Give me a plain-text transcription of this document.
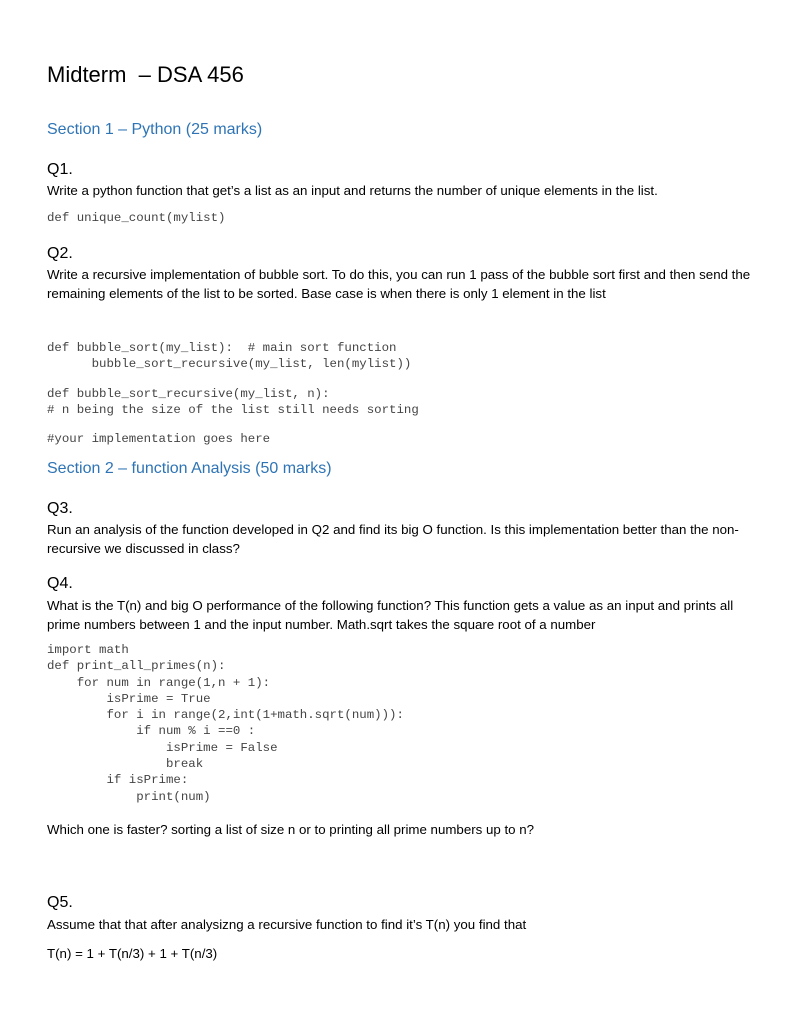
Midterm  – DSA 456
Section 1 – Python (25 marks)
Q1.
Write a python function that get’s a list as an input and returns the number of unique elements in the list.
def unique_count(mylist)
Q2.
Write a recursive implementation of bubble sort. To do this, you can run 1 pass of the bubble sort first and then send the remaining elements of the list to be sorted. Base case is when there is only 1 element in the list
def bubble_sort(my_list):  # main sort function
bubble_sort_recursive(my_list, len(mylist))
def bubble_sort_recursive(my_list, n):
# n being the size of the list still needs sorting
#your implementation goes here
Section 2 – function Analysis (50 marks)
Q3.
Run an analysis of the function developed in Q2 and find its big O function. Is this implementation better than the non-recursive we discussed in class?
Q4.
What is the T(n) and big O performance of the following function? This function gets a value as an input and prints all prime numbers between 1 and the input number. Math.sqrt takes the square root of a number
import math
def print_all_primes(n):
for num in range(1,n + 1):
isPrime = True
for i in range(2,int(1+math.sqrt(num))):
if num % i ==0 :
isPrime = False
break
if isPrime:
print(num)
Which one is faster? sorting a list of size n or to printing all prime numbers up to n?
Q5.
Assume that that after analysizng a recursive function to find it’s T(n) you find that
T(n) = 1 + T(n/3) + 1 + T(n/3)
